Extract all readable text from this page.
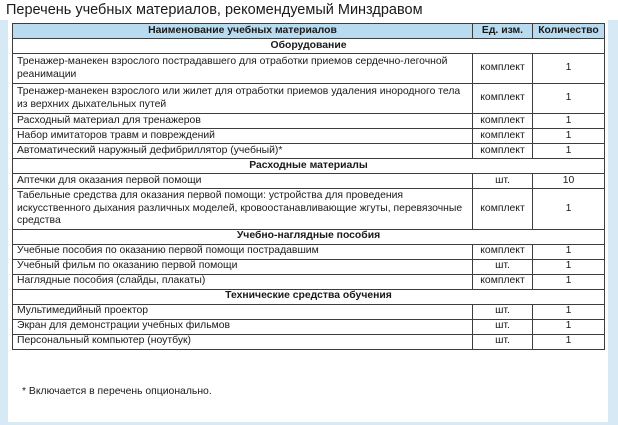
Перечень учебных материалов, рекомендуемый Минздравом
Наименование учебных материалов	Ед. изм.	Количество
Оборудование		
Тренажер-манекен взрослого пострадавшего для отработки приемов сердечно-легочной реанимации	комплект	1
Тренажер-манекен взрослого или жилет для отработки приемов удаления инородного тела из верхних дыхательных путей	комплект	1
Расходный материал для тренажеров	комплект	1
Набор имитаторов травм и повреждений	комплект	1
Автоматический наружный дефибриллятор (учебный)*	комплект	1
Расходные материалы		
Аптечки для оказания первой помощи	шт.	10
Табельные средства для оказания первой помощи: устройства для проведения искусственного дыхания различных моделей, кровоостанавливающие жгуты, перевязочные средства	комплект	1
Учебно-наглядные пособия		
Учебные пособия по оказанию первой помощи пострадавшим	комплект	1
Учебный фильм по оказанию первой помощи	шт.	1
Наглядные пособия (слайды, плакаты)	комплект	1
Технические средства обучения		
Мультимедийный проектор	шт.	1
Экран для демонстрации учебных фильмов	шт.	1
Персональный компьютер (ноутбук)	шт.	1
* Включается в перечень опционально.
